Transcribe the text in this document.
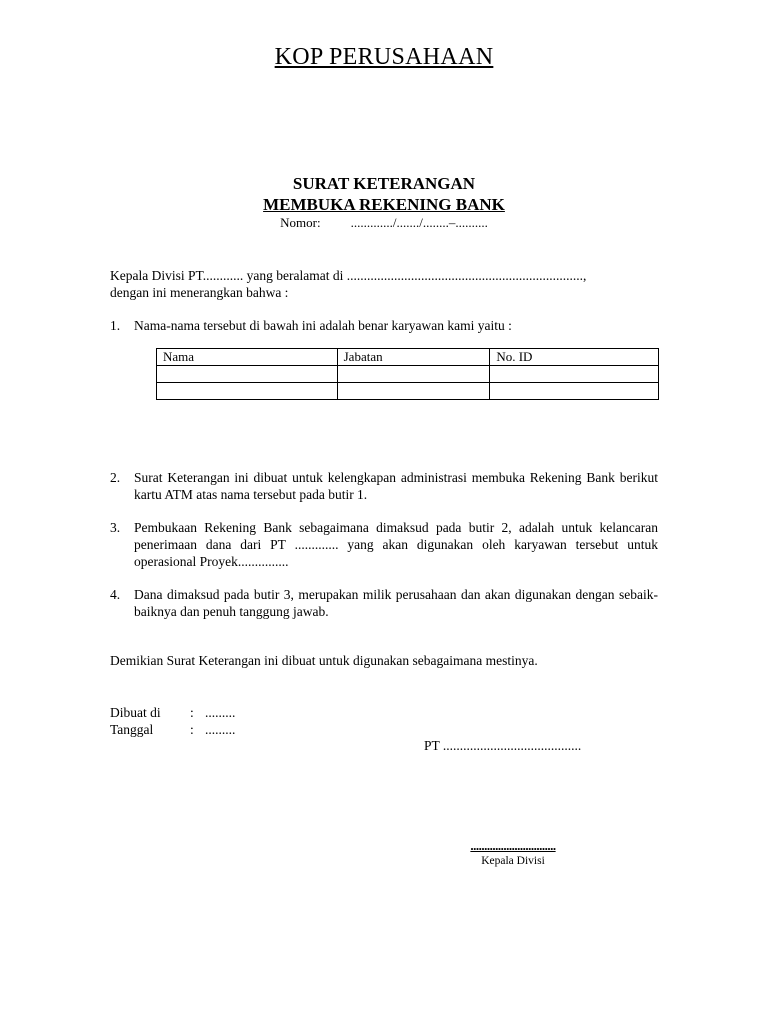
KOP PERUSAHAAN
SURAT KETERANGAN
MEMBUKA REKENING BANK
Nomor: ............./......./........–..........
Kepala Divisi PT............ yang beralamat di ......................................................................,
dengan ini menerangkan bahwa :
1. Nama-nama tersebut di bawah ini adalah benar karyawan kami yaitu :
Nama	Jabatan	No. ID

2. Surat Keterangan ini dibuat untuk kelengkapan administrasi membuka Rekening Bank berikut kartu ATM atas nama tersebut pada butir 1.
3. Pembukaan Rekening Bank sebagaimana dimaksud pada butir 2, adalah untuk kelancaran penerimaan dana dari PT ............. yang akan digunakan oleh karyawan tersebut untuk operasional Proyek...............
4. Dana dimaksud pada butir 3, merupakan milik perusahaan dan akan digunakan dengan sebaik-baiknya dan penuh tanggung jawab.
Demikian Surat Keterangan ini dibuat untuk digunakan sebagaimana mestinya.
Dibuat di : .........
Tanggal	: .........
PT .........................................
...............................
Kepala Divisi
